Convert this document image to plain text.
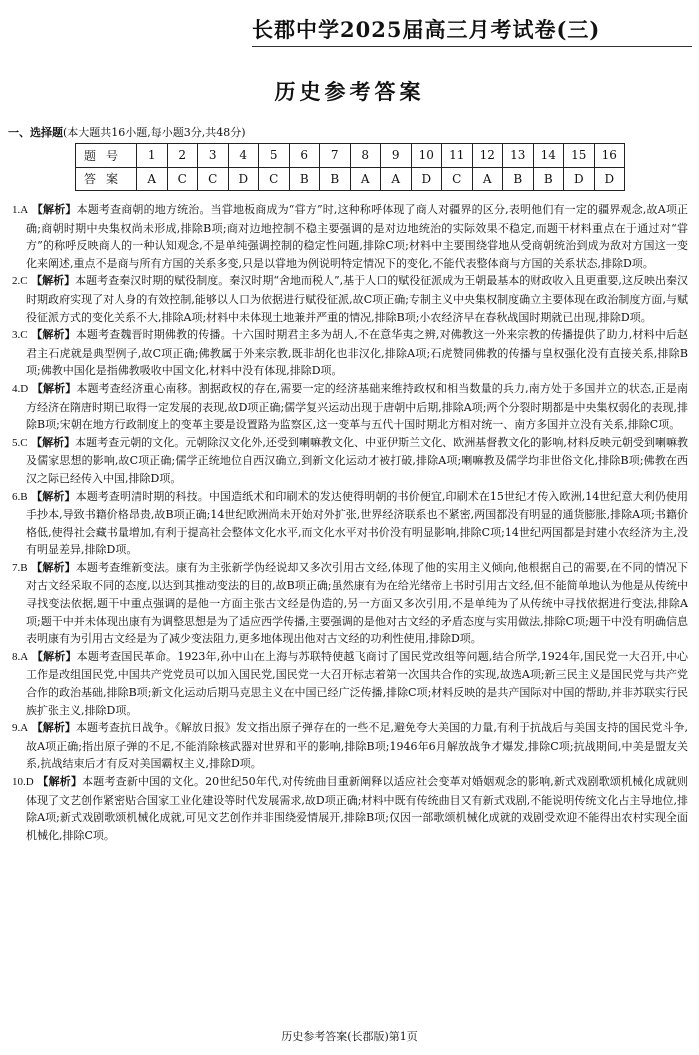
长郡中学2025届高三月考试卷(三)
历史参考答案
一、选择题(本大题共16小题,每小题3分,共48分)
题号	1	2	3	4	5	6	7	8	9	10	11	12	13	14	15	16
答案	A	C	C	D	C	B	B	A	A	D	C	A	B	B	D	D

1.A 【解析】本题考查商朝的地方统治。当甞地板商成为“甞方”时,这种称呼体现了商人对疆界的区分,表明他们有一定的疆界观念,故A项正确;商朝时期中央集权尚未形成,排除B项;商对边地控制不稳主要强调的是对边地统治的实际效果不稳定,而题干材料重点在于通过对“甞方”的称呼反映商人的一种认知观念,不是单纯强调控制的稳定性问题,排除C项;材料中主要围绕甞地从受商朝统治到成为敌对方国这一变化来阐述,重点不是商与所有方国的关系多变,只是以甞地为例说明特定情况下的变化,不能代表整体商与方国的关系状态,排除D项。

2.C 【解析】本题考查秦汉时期的赋役制度。秦汉时期“舍地而税人”,基于人口的赋役征派成为王朝最基本的财政收入且更重要,这反映出秦汉时期政府实现了对人身的有效控制,能够以人口为依据进行赋役征派,故C项正确;专制主义中央集权制度确立主要体现在政治制度方面,与赋役征派方式的变化关系不大,排除A项;材料中未体现土地兼并严重的情况,排除B项;小农经济早在春秋战国时期就已出现,排除D项。

3.C 【解析】本题考查魏晋时期佛教的传播。十六国时期君主多为胡人,不在意华夷之辨,对佛教这一外来宗教的传播提供了助力,材料中后赵君主石虎就是典型例子,故C项正确;佛教属于外来宗教,既非胡化也非汉化,排除A项;石虎赞同佛教的传播与皇权强化没有直接关系,排除B项;佛教中国化是指佛教吸收中国文化,材料中没有体现,排除D项。

4.D 【解析】本题考查经济重心南移。割据政权的存在,需要一定的经济基础来维持政权和相当数量的兵力,南方处于多国并立的状态,正是南方经济在隋唐时期已取得一定发展的表现,故D项正确;儒学复兴运动出现于唐朝中后期,排除A项;两个分裂时期都是中央集权弱化的表现,排除B项;宋朝在地方行政制度上的变革主要是设置路为监察区,这一变革与五代十国时期北方相对统一、南方多国并立没有关系,排除C项。

5.C 【解析】本题考查元朝的文化。元朝除汉文化外,还受到喇嘛教文化、中亚伊斯兰文化、欧洲基督教文化的影响,材料反映元朝受到喇嘛教及儒家思想的影响,故C项正确;儒学正统地位自西汉确立,到新文化运动才被打破,排除A项;喇嘛教及儒学均非世俗文化,排除B项;佛教在西汉之际已经传入中国,排除D项。

6.B 【解析】本题考查明清时期的科技。中国造纸术和印刷术的发达使得明朝的书价便宜,印刷术在15世纪才传入欧洲,14世纪意大利仍使用手抄本,导致书籍价格昂贵,故B项正确;14世纪欧洲尚未开始对外扩张,世界经济联系也不紧密,两国都没有明显的通货膨胀,排除A项;书籍价格低,使得社会藏书量增加,有利于提高社会整体文化水平,而文化水平对书价没有明显影响,排除C项;14世纪两国都是封建小农经济为主,没有明显差异,排除D项。

7.B 【解析】本题考查维新变法。康有为主张新学伪经说却又多次引用古文经,体现了他的实用主义倾向,他根据自己的需要,在不同的情况下对古文经采取不同的态度,以达到其推动变法的目的,故B项正确;虽然康有为在给光绪帝上书时引用古文经,但不能简单地认为他是从传统中寻找变法依据,题干中重点强调的是他一方面主张古文经是伪造的,另一方面又多次引用,不是单纯为了从传统中寻找依据进行变法,排除A项;题干中并未体现出康有为调整思想是为了适应西学传播,主要强调的是他对古文经的矛盾态度与实用做法,排除C项;题干中没有明确信息表明康有为引用古文经是为了减少变法阻力,更多地体现出他对古文经的功利性使用,排除D项。

8.A 【解析】本题考查国民革命。1923年,孙中山在上海与苏联特使越飞商讨了国民党改组等问题,结合所学,1924年,国民党一大召开,中心工作是改组国民党,中国共产党党员可以加入国民党,国民党一大召开标志着第一次国共合作的实现,故选A项;新三民主义是国民党与共产党合作的政治基础,排除B项;新文化运动后期马克思主义在中国已经广泛传播,排除C项;材料反映的是共产国际对中国的帮助,并非苏联实行民族扩张主义,排除D项。

9.A 【解析】本题考查抗日战争。《解放日报》发文指出原子弹存在的一些不足,避免夸大美国的力量,有利于抗战后与美国支持的国民党斗争,故A项正确;指出原子弹的不足,不能消除核武器对世界和平的影响,排除B项;1946年6月解放战争才爆发,排除C项;抗战期间,中美是盟友关系,抗战结束后才有反对美国霸权主义,排除D项。

10.D 【解析】本题考查新中国的文化。20世纪50年代,对传统曲目重新阐释以适应社会变革对婚姻观念的影响,新式戏剧歌颂机械化成就则体现了文艺创作紧密贴合国家工业化建设等时代发展需求,故D项正确;材料中既有传统曲目又有新式戏剧,不能说明传统文化占主导地位,排除A项;新式戏剧歌颂机械化成就,可见文艺创作并非围绕爱情展开,排除B项;仅因一部歌颂机械化成就的戏剧受欢迎不能得出农村实现全面机械化,排除C项。

历史参考答案(长郡版)第1页
